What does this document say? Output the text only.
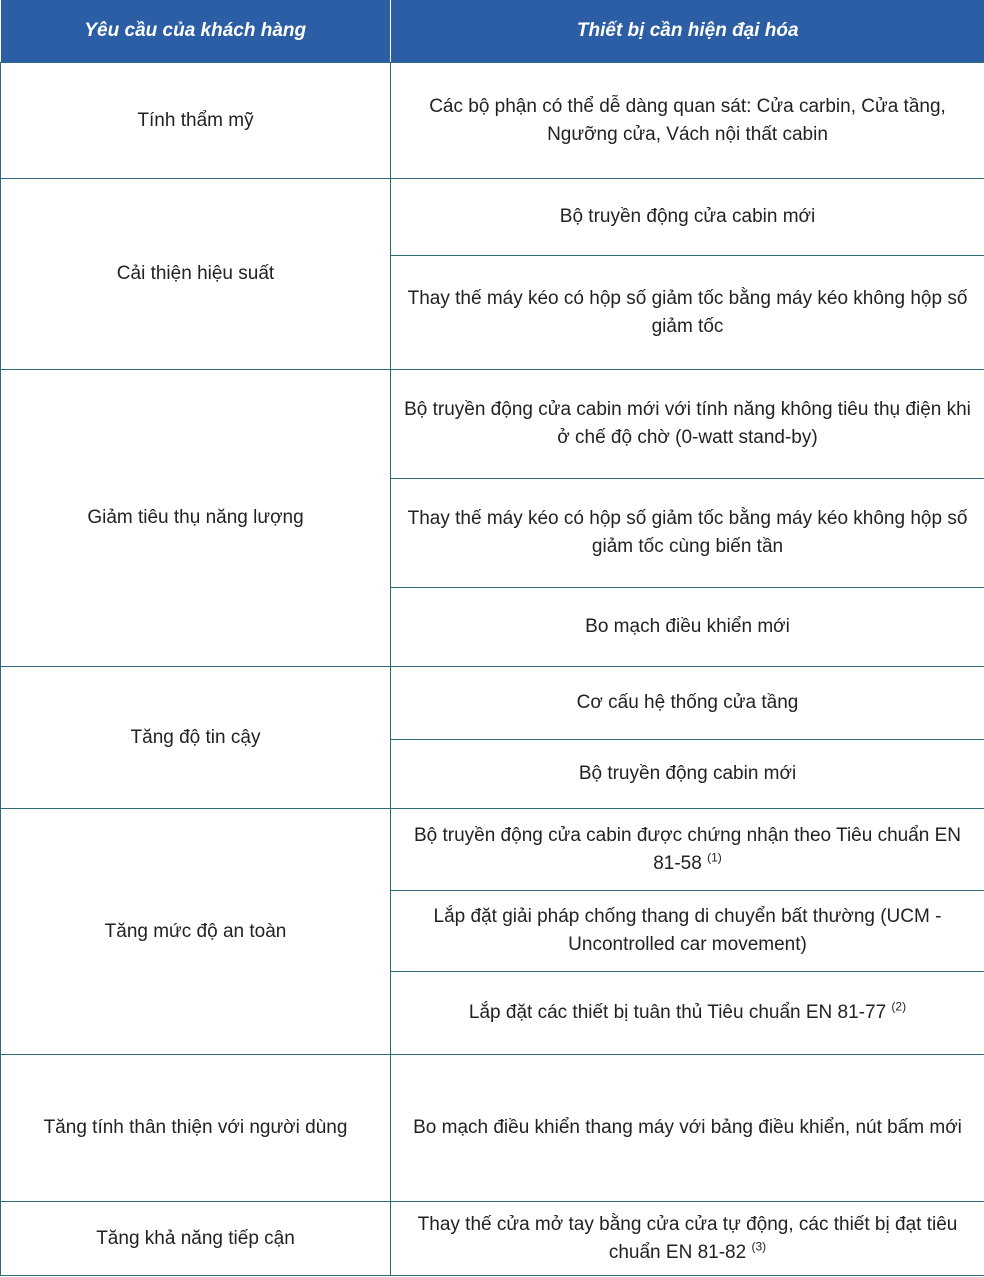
Yêu cầu của khách hàng	Thiết bị cần hiện đại hóa
Tính thẩm mỹ	Các bộ phận có thể dễ dàng quan sát: Cửa carbin, Cửa tầng, Ngưỡng cửa, Vách nội thất cabin
Cải thiện hiệu suất	Bộ truyền động cửa cabin mới
	Thay thế máy kéo có hộp số giảm tốc bằng máy kéo không hộp số giảm tốc
Giảm tiêu thụ năng lượng	Bộ truyền động cửa cabin mới với tính năng không tiêu thụ điện khi ở chế độ chờ (0-watt stand-by)
	Thay thế máy kéo có hộp số giảm tốc bằng máy kéo không hộp số giảm tốc cùng biến tần
	Bo mạch điều khiển mới
Tăng độ tin cậy	Cơ cấu hệ thống cửa tầng
	Bộ truyền động cabin mới
Tăng mức độ an toàn	Bộ truyền động cửa cabin được chứng nhận theo Tiêu chuẩn EN 81-58 $^{(1)}$
	Lắp đặt giải pháp chống thang di chuyển bất thường (UCM - Uncontrolled car movement)
	Lắp đặt các thiết bị tuân thủ Tiêu chuẩn EN 81-77 $^{(2)}$
Tăng tính thân thiện với người dùng	Bo mạch điều khiển thang máy với bảng điều khiển, nút bấm mới
Tăng khả năng tiếp cận	Thay thế cửa mở tay bằng cửa cửa tự động, các thiết bị đạt tiêu chuẩn EN 81-82 $^{(3)}$
